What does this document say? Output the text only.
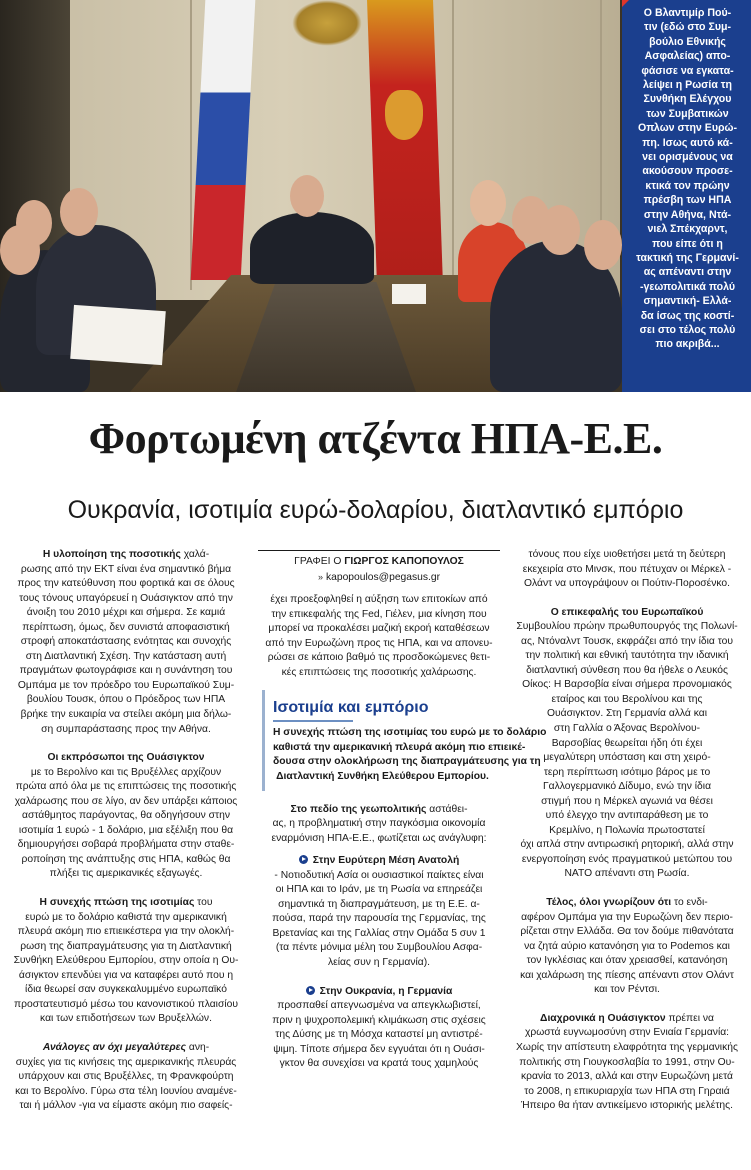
Ο Βλαντιμίρ Πού-
τιν (εδώ στο Συμ-
βούλιο Εθνικής
Ασφαλείας) απο-
φάσισε να εγκατα-
λείψει η Ρωσία τη
Συνθήκη Ελέγχου
των Συμβατικών
Οπλων στην Ευρώ-
πη. Ισως αυτό κά-
νει ορισμένους να
ακούσουν προσε-
κτικά τον πρώην
πρέσβη των ΗΠΑ
στην Αθήνα, Ντά-
νιελ Σπέκχαρντ,
που είπε ότι η
τακτική της Γερμανί-
ας απέναντι στην
-γεωπολιτικά πολύ
σημαντική- Ελλά-
δα ίσως της κοστί-
σει στο τέλος πολύ
πιο ακριβά...
Φορτωμένη ατζέντα ΗΠΑ-Ε.Ε.
Ουκρανία, ισοτιμία ευρώ-δολαρίου, διατλαντικό εμπόριο
Η υλοποίηση της ποσοτικής χαλά-
ρωσης από την ΕΚΤ είναι ένα σημαντικό βήμα
προς την κατεύθυνση που φορτικά και σε όλους
τους τόνους υπαγόρευεί η Ουάσιγκτον από την
άνοιξη του 2010 μέχρι και σήμερα. Σε καμιά
περίπτωση, όμως, δεν συνιστά αποφασιστική
στροφή αποκατάστασης ενότητας και συνοχής
στη Διατλαντική Σχέση. Την κατάσταση αυτή
πραγμάτων φωτογράφισε και η συνάντηση του
Ομπάμα με τον πρόεδρο του Ευρωπαϊκού Συμ-
βουλίου Τουσκ, όπου ο Πρόεδρος των ΗΠΑ
βρήκε την ευκαιρία να στείλει ακόμη μια δήλω-
ση συμπαράστασης προς την Αθήνα.
Οι εκπρόσωποι της Ουάσιγκτον
με το Βερολίνο και τις Βρυξέλλες αρχίζουν
πρώτα από όλα με τις επιπτώσεις της ποσοτικής
χαλάρωσης που σε λίγο, αν δεν υπάρξει κάποιος
αστάθμητος παράγοντας, θα οδηγήσουν στην
ισοτιμία 1 ευρώ - 1 δολάριο, μια εξέλιξη που θα
δημιουργήσει σοβαρά προβλήματα στην σταθε-
ροποίηση της ανάπτυξης στις ΗΠΑ, καθώς θα
πλήξει τις αμερικανικές εξαγωγές.
Η συνεχής πτώση της ισοτιμίας του
ευρώ με το δολάριο καθιστά την αμερικανική
πλευρά ακόμη πιο επιεικέστερα για την ολοκλή-
ρωση της διαπραγμάτευσης για τη Διατλαντική
Συνθήκη Ελεύθερου Εμπορίου, στην οποία η Ου-
άσιγκτον επενδύει για να καταφέρει αυτό που η
ίδια θεωρεί σαν συγκεκαλυμμένο ευρωπαϊκό
προστατευτισμό μέσω του κανονιστικού πλαισίου
και των επιδοτήσεων των Βρυξελλών.
Ανάλογες αν όχι μεγαλύτερες ανη-
συχίες για τις κινήσεις της αμερικανικής πλευράς
υπάρχουν και στις Βρυξέλλες, τη Φρανκφούρτη
και το Βερολίνο. Γύρω στα τέλη Ιουνίου αναμένε-
ται ή μάλλον -για να είμαστε ακόμη πιο σαφείς-
ΓΡΑΦΕΙ Ο ΓΙΩΡΓΟΣ ΚΑΠΟΠΟΥΛΟΣ
» kapopoulos@pegasus.gr
έχει προεξοφληθεί η αύξηση των επιτοκίων από
την επικεφαλής της Fed, Γιέλεν, μια κίνηση που
μπορεί να προκαλέσει μαζική εκροή καταθέσεων
από την Ευρωζώνη προς τις ΗΠΑ, και να απονευ-
ρώσει σε κάποιο βαθμό τις προσδοκώμενες θετι-
κές επιπτώσεις της ποσοτικής χαλάρωσης.
Ισοτιμία και εμπόριο
Η συνεχής πτώση της ισοτιμίας του ευρώ με το δολάριο
καθιστά την αμερικανική πλευρά ακόμη πιο επιεικέ-
δουσα στην ολοκλήρωση της διαπραγμάτευσης για τη
Διατλαντική Συνθήκη Ελεύθερου Εμπορίου.
Στο πεδίο της γεωπολιτικής αστάθει-
ας, η προβληματική στην παγκόσμια οικονομία
εναρμόνιση ΗΠΑ-Ε.Ε., φωτίζεται ως ανάγλυφη:
Στην Ευρύτερη Μέση Ανατολή
- Νοτιοδυτική Ασία οι ουσιαστικοί παίκτες είναι
οι ΗΠΑ και το Ιράν, με τη Ρωσία να επηρεάζει
σημαντικά τη διαπραγμάτευση, με τη Ε.Ε. α-
πούσα, παρά την παρουσία της Γερμανίας, της
Βρετανίας και της Γαλλίας στην Ομάδα 5 συν 1
(τα πέντε μόνιμα μέλη του Συμβουλίου Ασφα-
λείας συν η Γερμανία).
Στην Ουκρανία, η Γερμανία
προσπαθεί απεγνωσμένα να απεγκλωβιστεί,
πριν η ψυχροπολεμική κλιμάκωση στις σχέσεις
της Δύσης με τη Μόσχα καταστεί μη αντιστρέ-
ψιμη. Τίποτε σήμερα δεν εγγυάται ότι η Ουάσι-
γκτον θα συνεχίσει να κρατά τους χαμηλούς
τόνους που είχε υιοθετήσει μετά τη δεύτερη
εκεχειρία στο Μινσκ, που πέτυχαν οι Μέρκελ -
Ολάντ να υπογράψουν οι Πούτιν-Ποροσένκο.
Ο επικεφαλής του Ευρωπαϊκού
Συμβουλίου πρώην πρωθυπουργός της Πολωνί-
ας, Ντόναλντ Τουσκ, εκφράζει από την ίδια του
την πολιτική και εθνική ταυτότητα την ιδανική
διατλαντική σύνθεση που θα ήθελε ο Λευκός
Οίκος: Η Βαρσοβία είναι σήμερα προνομιακός
εταίρος και του Βερολίνου και της
Ουάσιγκτον. Στη Γερμανία αλλά και
στη Γαλλία ο Άξονας Βερολίνου-
Βαρσοβίας θεωρείται ήδη ότι έχει
μεγαλύτερη υπόσταση και στη χειρό-
τερη περίπτωση ισότιμο βάρος με το
Γαλλογερμανικό Δίδυμο, ενώ την ίδια
στιγμή που η Μέρκελ αγωνιά να θέσει
υπό έλεγχο την αντιπαράθεση με το
Κρεμλίνο, η Πολωνία πρωτοστατεί
όχι απλά στην αντιρωσική ρητορική, αλλά στην
ενεργοποίηση ενός πραγματικού μετώπου του
ΝΑΤΟ απέναντι στη Ρωσία.
Τέλος, όλοι γνωρίζουν ότι το ενδι-
αφέρον Ομπάμα για την Ευρωζώνη δεν περιο-
ρίζεται στην Ελλάδα. Θα τον δούμε πιθανότατα
να ζητά αύριο κατανόηση για το Podemos και
τον Ιγκλέσιας και όταν χρειασθεί, κατανόηση
και χαλάρωση της πίεσης απέναντι στον Ολάντ
και τον Ρέντσι.
Διαχρονικά η Ουάσιγκτον πρέπει να
χρωστά ευγνωμοσύνη στην Ενιαία Γερμανία:
Χωρίς την απίστευτη ελαφρότητα της γερμανικής
πολιτικής στη Γιουγκοσλαβία το 1991, στην Ου-
κρανία το 2013, αλλά και στην Ευρωζώνη μετά
το 2008, η επικυριαρχία των ΗΠΑ στη Γηραιά
Ήπειρο θα ήταν αντικείμενο ιστορικής μελέτης.
